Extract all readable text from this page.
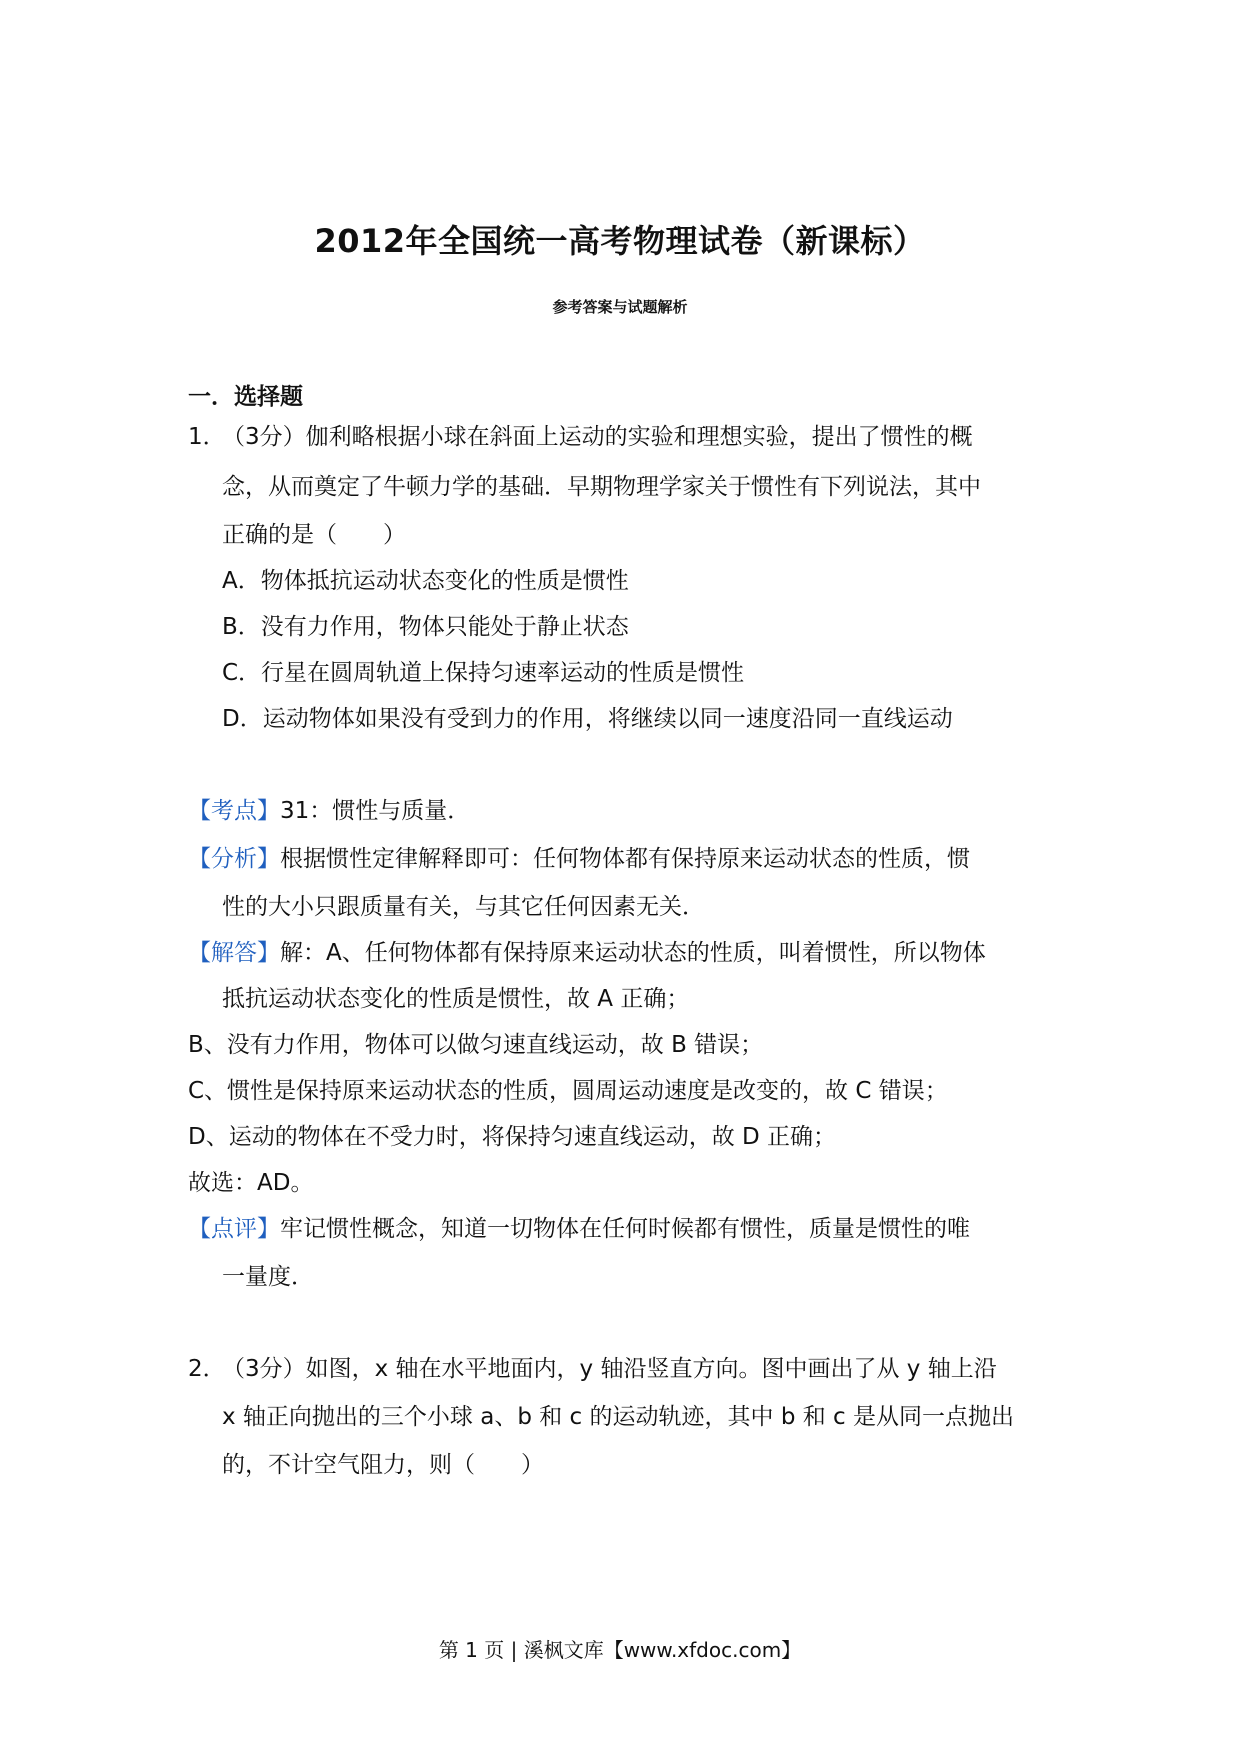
2012年全国统一高考物理试卷（新课标）
参考答案与试题解析
一．选择题
1．
（3分）伽利略根据小球在斜面上运动的实验和理想实验，提出了惯性的概
念，从而奠定了牛顿力学的基础．早期物理学家关于惯性有下列说法，其中
正确的是（　　）
A．物体抵抗运动状态变化的性质是惯性
B．没有力作用，物体只能处于静止状态
C．行星在圆周轨道上保持匀速率运动的性质是惯性
D．运动物体如果没有受到力的作用，将继续以同一速度沿同一直线运动
【考点】31：惯性与质量．
【分析】根据惯性定律解释即可：任何物体都有保持原来运动状态的性质，惯
性的大小只跟质量有关，与其它任何因素无关．
【解答】解：A、任何物体都有保持原来运动状态的性质，叫着惯性，所以物体
抵抗运动状态变化的性质是惯性，故 A 正确；
B、没有力作用，物体可以做匀速直线运动，故 B 错误；
C、惯性是保持原来运动状态的性质，圆周运动速度是改变的，故 C 错误；
D、运动的物体在不受力时，将保持匀速直线运动，故 D 正确；
故选：AD。
【点评】牢记惯性概念，知道一切物体在任何时候都有惯性，质量是惯性的唯
一量度．
2．
（3分）如图，x 轴在水平地面内，y 轴沿竖直方向。图中画出了从 y 轴上沿
x 轴正向抛出的三个小球 a、b 和 c 的运动轨迹，其中 b 和 c 是从同一点抛出
的，不计空气阻力，则（　　）
第 1 页 | 溪枫文库【www.xfdoc.com】
